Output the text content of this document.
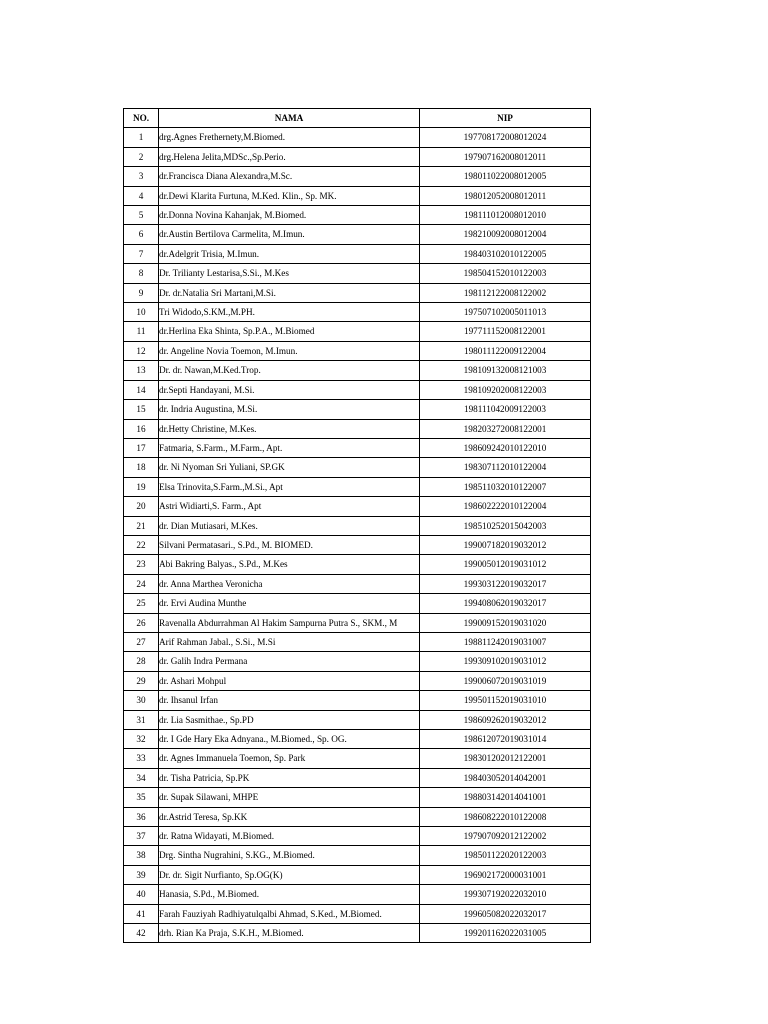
NO.	NAMA	NIP
1	drg.Agnes Frethernety,M.Biomed.	197708172008012024
2	drg.Helena Jelita,MDSc.,Sp.Perio.	197907162008012011
3	dr.Francisca Diana Alexandra,M.Sc.	198011022008012005
4	dr.Dewi Klarita Furtuna, M.Ked. Klin., Sp. MK.	198012052008012011
5	dr.Donna Novina Kahanjak, M.Biomed.	198111012008012010
6	dr.Austin Bertilova Carmelita, M.Imun.	198210092008012004
7	dr.Adelgrit Trisia, M.Imun.	198403102010122005
8	Dr. Trilianty Lestarisa,S.Si., M.Kes	198504152010122003
9	Dr. dr.Natalia Sri Martani,M.Si.	198112122008122002
10	Tri Widodo,S.KM.,M.PH.	197507102005011013
11	dr.Herlina Eka Shinta, Sp.P.A., M.Biomed	197711152008122001
12	dr. Angeline Novia Toemon, M.Imun.	198011122009122004
13	Dr. dr. Nawan,M.Ked.Trop.	198109132008121003
14	dr.Septi Handayani, M.Si.	198109202008122003
15	dr. Indria Augustina, M.Si.	198111042009122003
16	dr.Hetty Christine, M.Kes.	198203272008122001
17	Fatmaria, S.Farm., M.Farm., Apt.	198609242010122010
18	dr. Ni Nyoman Sri Yuliani, SP.GK	198307112010122004
19	Elsa Trinovita,S.Farm.,M.Si., Apt	198511032010122007
20	Astri Widiarti,S. Farm., Apt	198602222010122004
21	dr. Dian Mutiasari, M.Kes.	198510252015042003
22	Silvani Permatasari., S.Pd., M. BIOMED.	199007182019032012
23	Abi Bakring Balyas., S.Pd., M.Kes	199005012019031012
24	dr. Anna Marthea Veronicha	199303122019032017
25	dr. Ervi Audina Munthe	199408062019032017
26	Ravenalla Abdurrahman Al Hakim Sampurna Putra S., SKM., M	199009152019031020
27	Arif Rahman Jabal., S.Si., M.Si	198811242019031007
28	dr. Galih Indra Permana	199309102019031012
29	dr. Ashari Mohpul	199006072019031019
30	dr. Ihsanul Irfan	199501152019031010
31	dr. Lia Sasmithae., Sp.PD	198609262019032012
32	dr. I Gde Hary Eka Adnyana., M.Biomed., Sp. OG.	198612072019031014
33	dr. Agnes Immanuela Toemon, Sp. Park	198301202012122001
34	dr. Tisha Patricia, Sp.PK	198403052014042001
35	dr. Supak Silawani, MHPE	198803142014041001
36	dr.Astrid Teresa, Sp.KK	198608222010122008
37	dr. Ratna Widayati, M.Biomed.	197907092012122002
38	Drg. Sintha Nugrahini, S.KG., M.Biomed.	198501122020122003
39	Dr. dr. Sigit Nurfianto, Sp.OG(K)	196902172000031001
40	Hanasia, S.Pd., M.Biomed.	199307192022032010
41	Farah Fauziyah Radhiyatulqalbi Ahmad, S.Ked., M.Biomed.	199605082022032017
42	drh. Rian Ka Praja, S.K.H., M.Biomed.	199201162022031005
